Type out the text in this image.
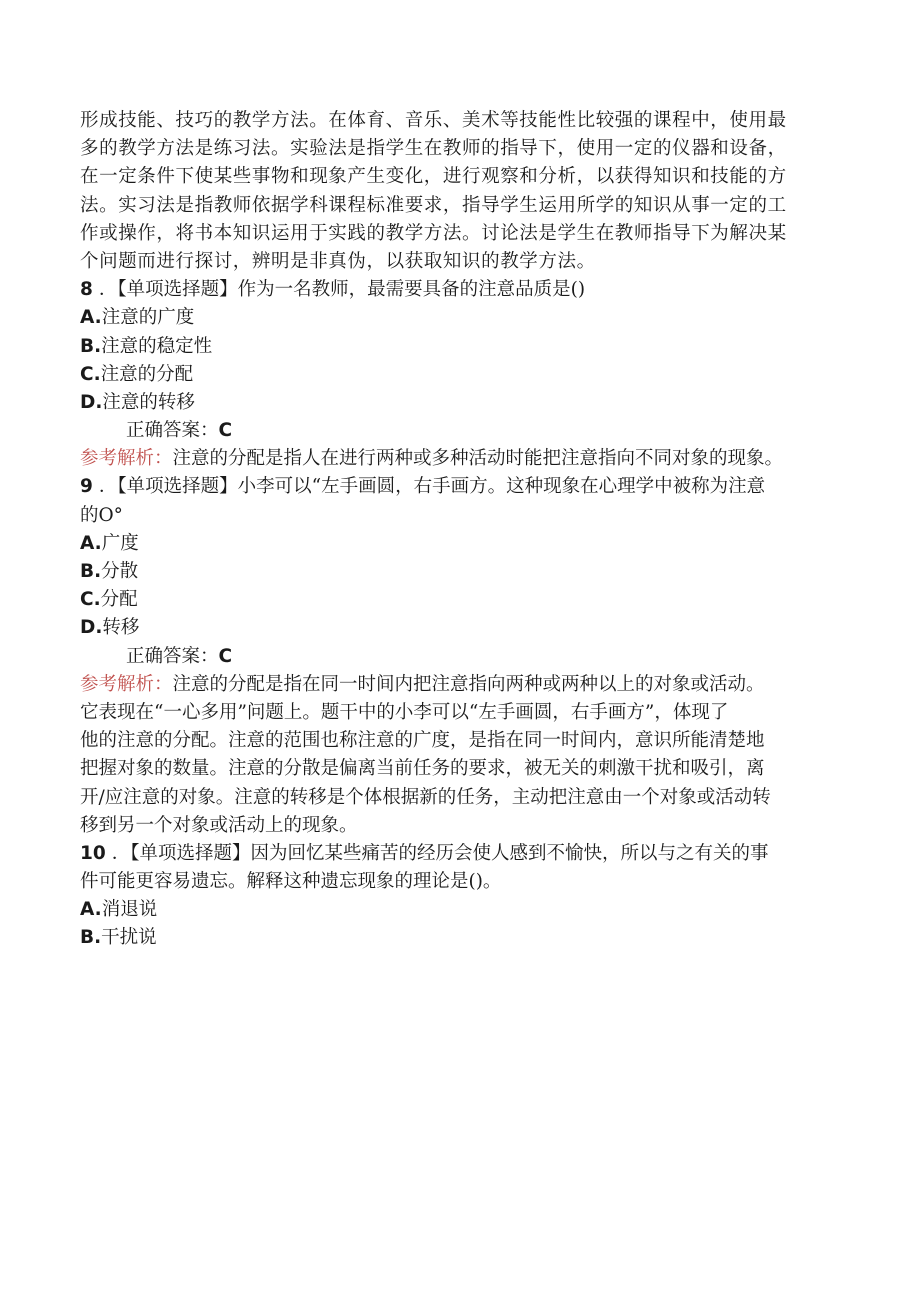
形成技能、技巧的教学方法。在体育、音乐、美术等技能性比较强的课程中，使用最
多的教学方法是练习法。实验法是指学生在教师的指导下，使用一定的仪器和设备，
在一定条件下使某些事物和现象产生变化，进行观察和分析，以获得知识和技能的方
法。实习法是指教师依据学科课程标准要求，指导学生运用所学的知识从事一定的工
作或操作，将书本知识运用于实践的教学方法。讨论法是学生在教师指导下为解决某
个问题而进行探讨，辨明是非真伪，以获取知识的教学方法。
8 ．【单项选择题】作为一名教师，最需要具备的注意品质是()
A.注意的广度
B.注意的稳定性
C.注意的分配
D.注意的转移
正确答案：C
参考解析：注意的分配是指人在进行两种或多种活动时能把注意指向不同对象的现象。
9 ．【单项选择题】小李可以“左手画圆，右手画方。这种现象在心理学中被称为注意
的O°
A.广度
B.分散
C.分配
D.转移
正确答案：C
参考解析：注意的分配是指在同一时间内把注意指向两种或两种以上的对象或活动。
它表现在“一心多用”问题上。题干中的小李可以“左手画圆，右手画方”，体现了
他的注意的分配。注意的范围也称注意的广度，是指在同一时间内，意识所能清楚地
把握对象的数量。注意的分散是偏离当前任务的要求，被无关的刺激干扰和吸引，离
开/应注意的对象。注意的转移是个体根据新的任务，主动把注意由一个对象或活动转
移到另一个对象或活动上的现象。
10 ．【单项选择题】因为回忆某些痛苦的经历会使人感到不愉快，所以与之有关的事
件可能更容易遗忘。解释这种遗忘现象的理论是()。
A.消退说
B.干扰说
